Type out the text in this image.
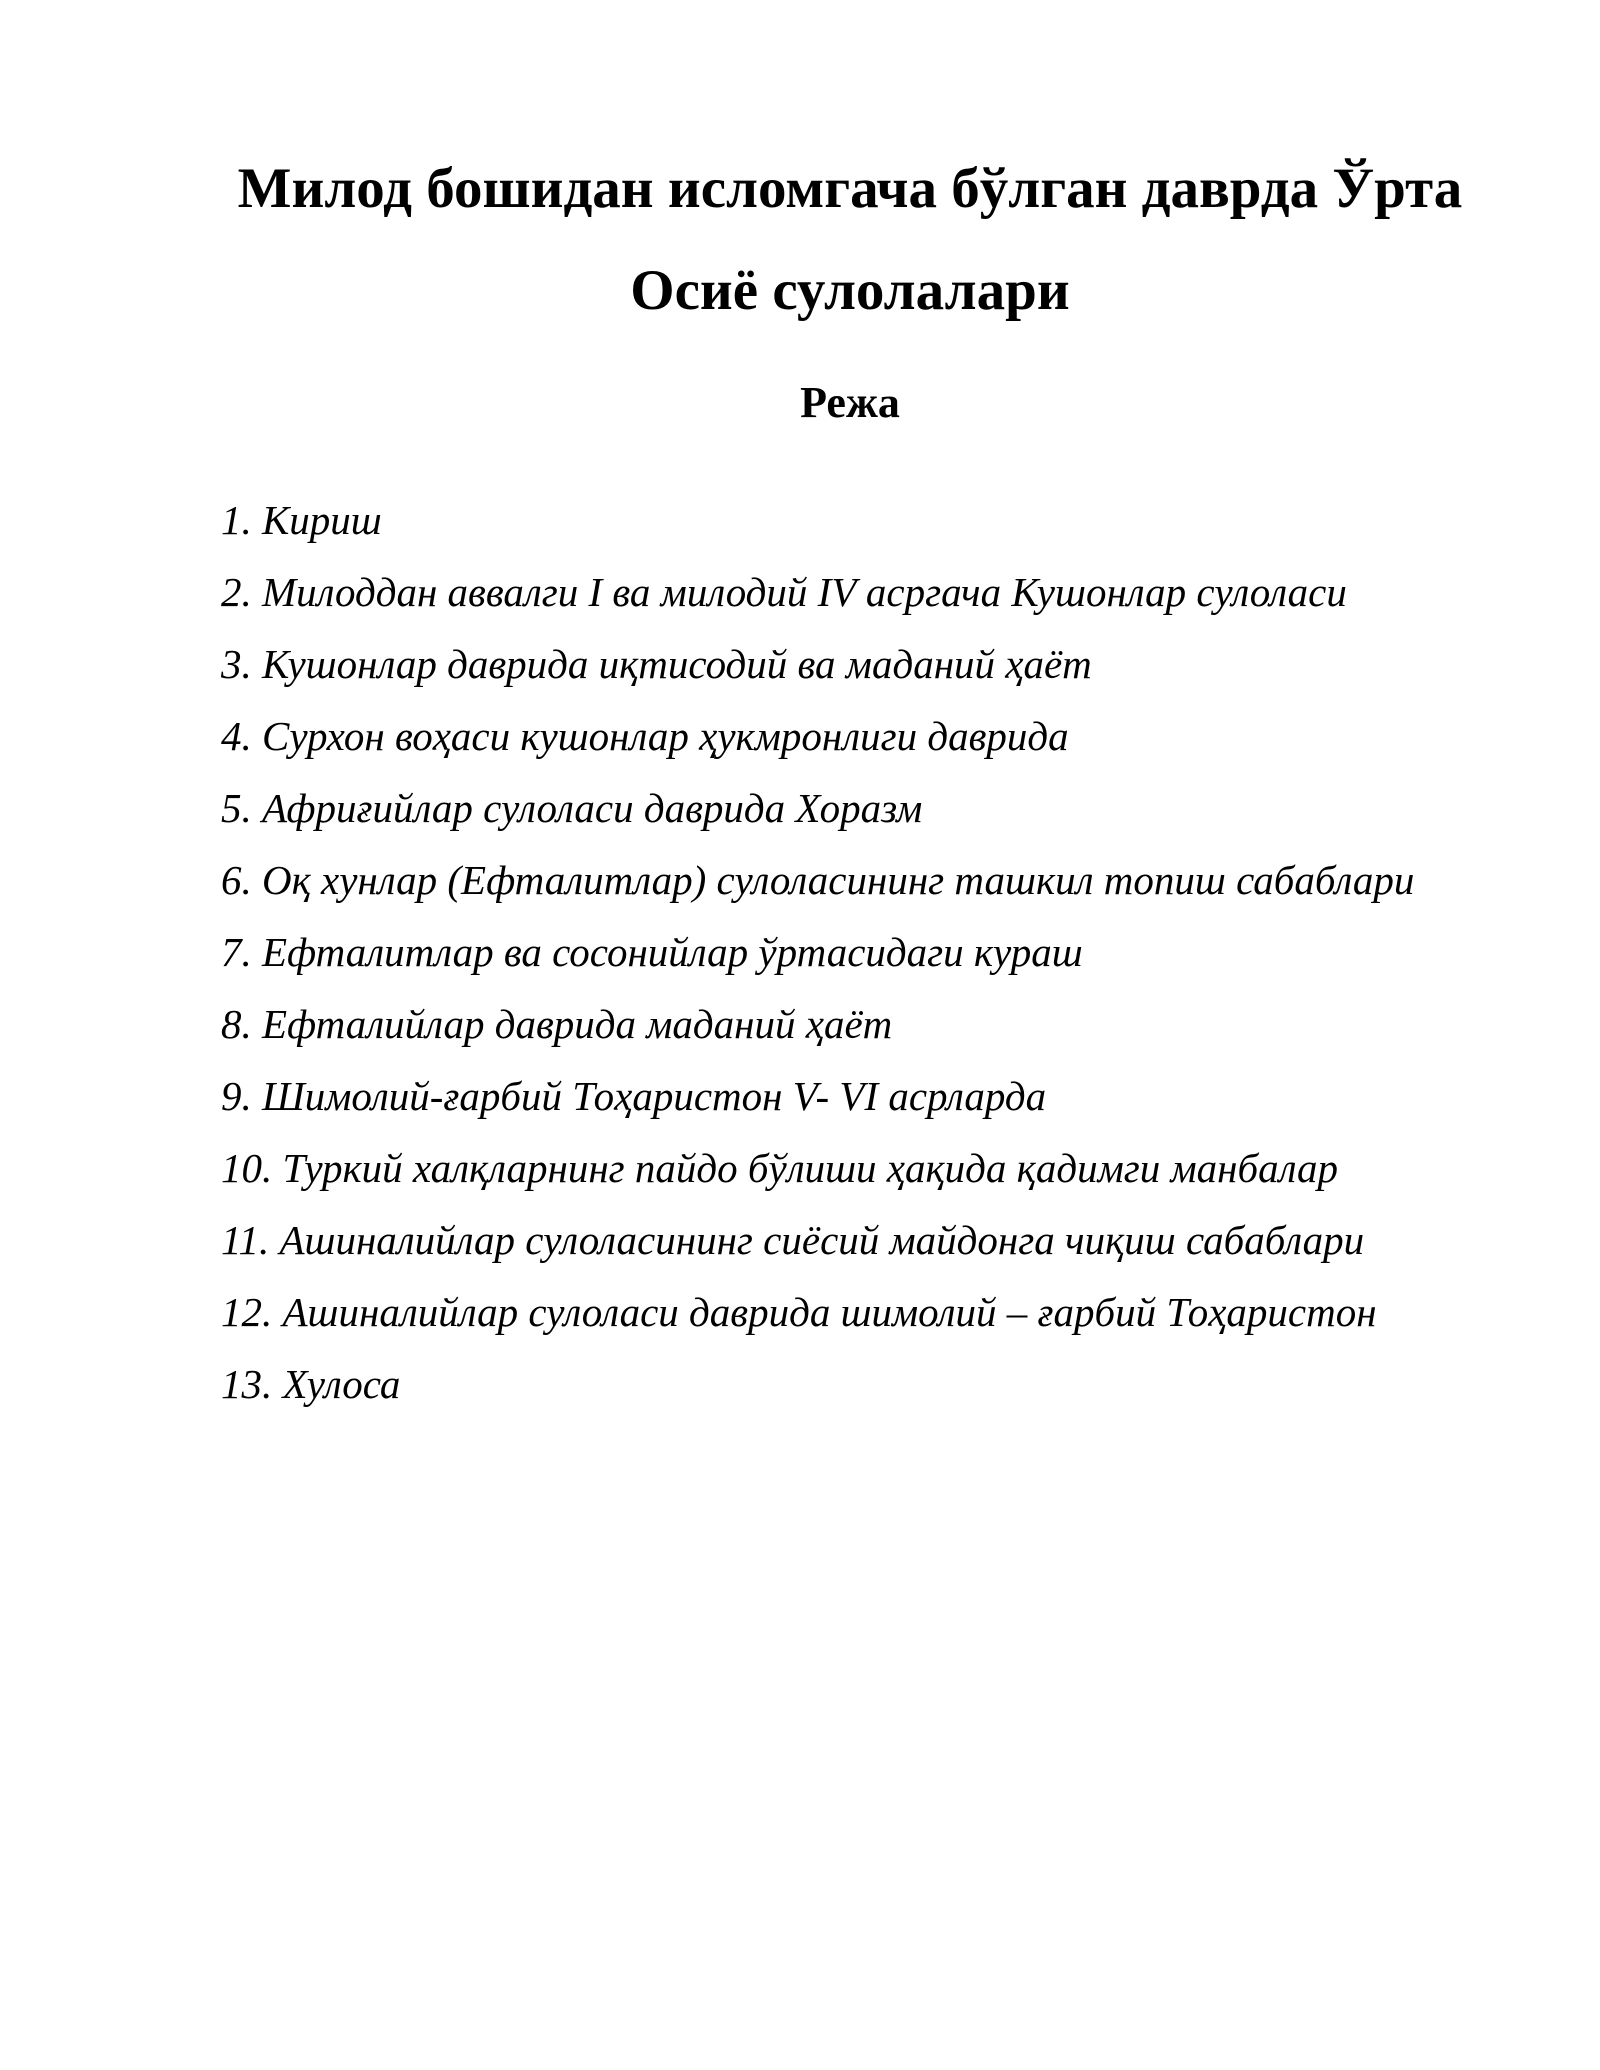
Милод бошидан исломгача бўлган даврда Ўрта Осиё сулолалари
Режа
1. Кириш
2. Милоддан аввалги I ва милодий IV асргача Кушонлар сулоласи
3. Кушонлар даврида иқтисодий ва маданий ҳаёт
4. Сурхон воҳаси кушонлар ҳукмронлиги даврида
5. Африғийлар сулоласи даврида Хоразм
6. Оқ хунлар (Ефталитлар) сулоласининг ташкил топиш сабаблари
7. Ефталитлар ва сосонийлар ўртасидаги кураш
8. Ефталийлар даврида маданий ҳаёт
9. Шимолий-ғарбий Тоҳаристон V- VI асрларда
10. Туркий халқларнинг пайдо бўлиши ҳақида қадимги манбалар
11. Ашиналийлар сулоласининг сиёсий майдонга чиқиш сабаблари
12. Ашиналийлар сулоласи даврида шимолий – ғарбий Тоҳаристон
13. Хулоса
